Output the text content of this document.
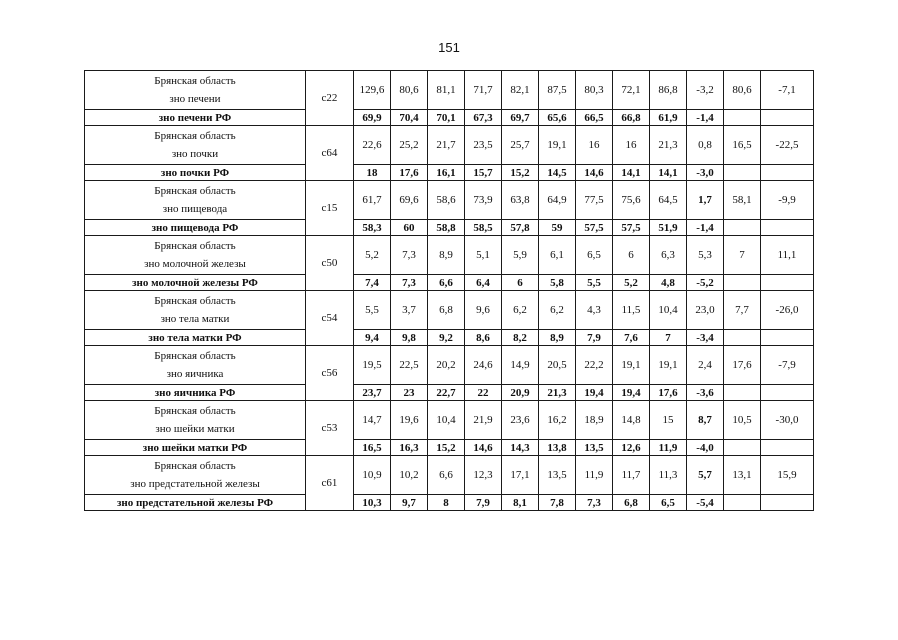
151
Брянская область
зно печени	с22	129,6	80,6	81,1	71,7	82,1	87,5	80,3	72,1	86,8	-3,2	80,6	-7,1
зно печени РФ		69,9	70,4	70,1	67,3	69,7	65,6	66,5	66,8	61,9	-1,4		

Брянская область
зно почки	с64	22,6	25,2	21,7	23,5	25,7	19,1	16	16	21,3	0,8	16,5	-22,5
зно почки РФ		18	17,6	16,1	15,7	15,2	14,5	14,6	14,1	14,1	-3,0		

Брянская область
зно пищевода	с15	61,7	69,6	58,6	73,9	63,8	64,9	77,5	75,6	64,5	1,7	58,1	-9,9
зно пищевода РФ		58,3	60	58,8	58,5	57,8	59	57,5	57,5	51,9	-1,4		

Брянская область
зно молочной железы	с50	5,2	7,3	8,9	5,1	5,9	6,1	6,5	6	6,3	5,3	7	11,1
зно молочной железы РФ		7,4	7,3	6,6	6,4	6	5,8	5,5	5,2	4,8	-5,2		

Брянская область
зно тела матки	с54	5,5	3,7	6,8	9,6	6,2	6,2	4,3	11,5	10,4	23,0	7,7	-26,0
зно тела матки РФ		9,4	9,8	9,2	8,6	8,2	8,9	7,9	7,6	7	-3,4		

Брянская область
зно яичника	с56	19,5	22,5	20,2	24,6	14,9	20,5	22,2	19,1	19,1	2,4	17,6	-7,9
зно яичника РФ		23,7	23	22,7	22	20,9	21,3	19,4	19,4	17,6	-3,6		

Брянская область
зно шейки матки	с53	14,7	19,6	10,4	21,9	23,6	16,2	18,9	14,8	15	8,7	10,5	-30,0
зно шейки матки РФ		16,5	16,3	15,2	14,6	14,3	13,8	13,5	12,6	11,9	-4,0		

Брянская область
зно предстательной железы	с61	10,9	10,2	6,6	12,3	17,1	13,5	11,9	11,7	11,3	5,7	13,1	15,9
зно предстательной железы РФ		10,3	9,7	8	7,9	8,1	7,8	7,3	6,8	6,5	-5,4		
